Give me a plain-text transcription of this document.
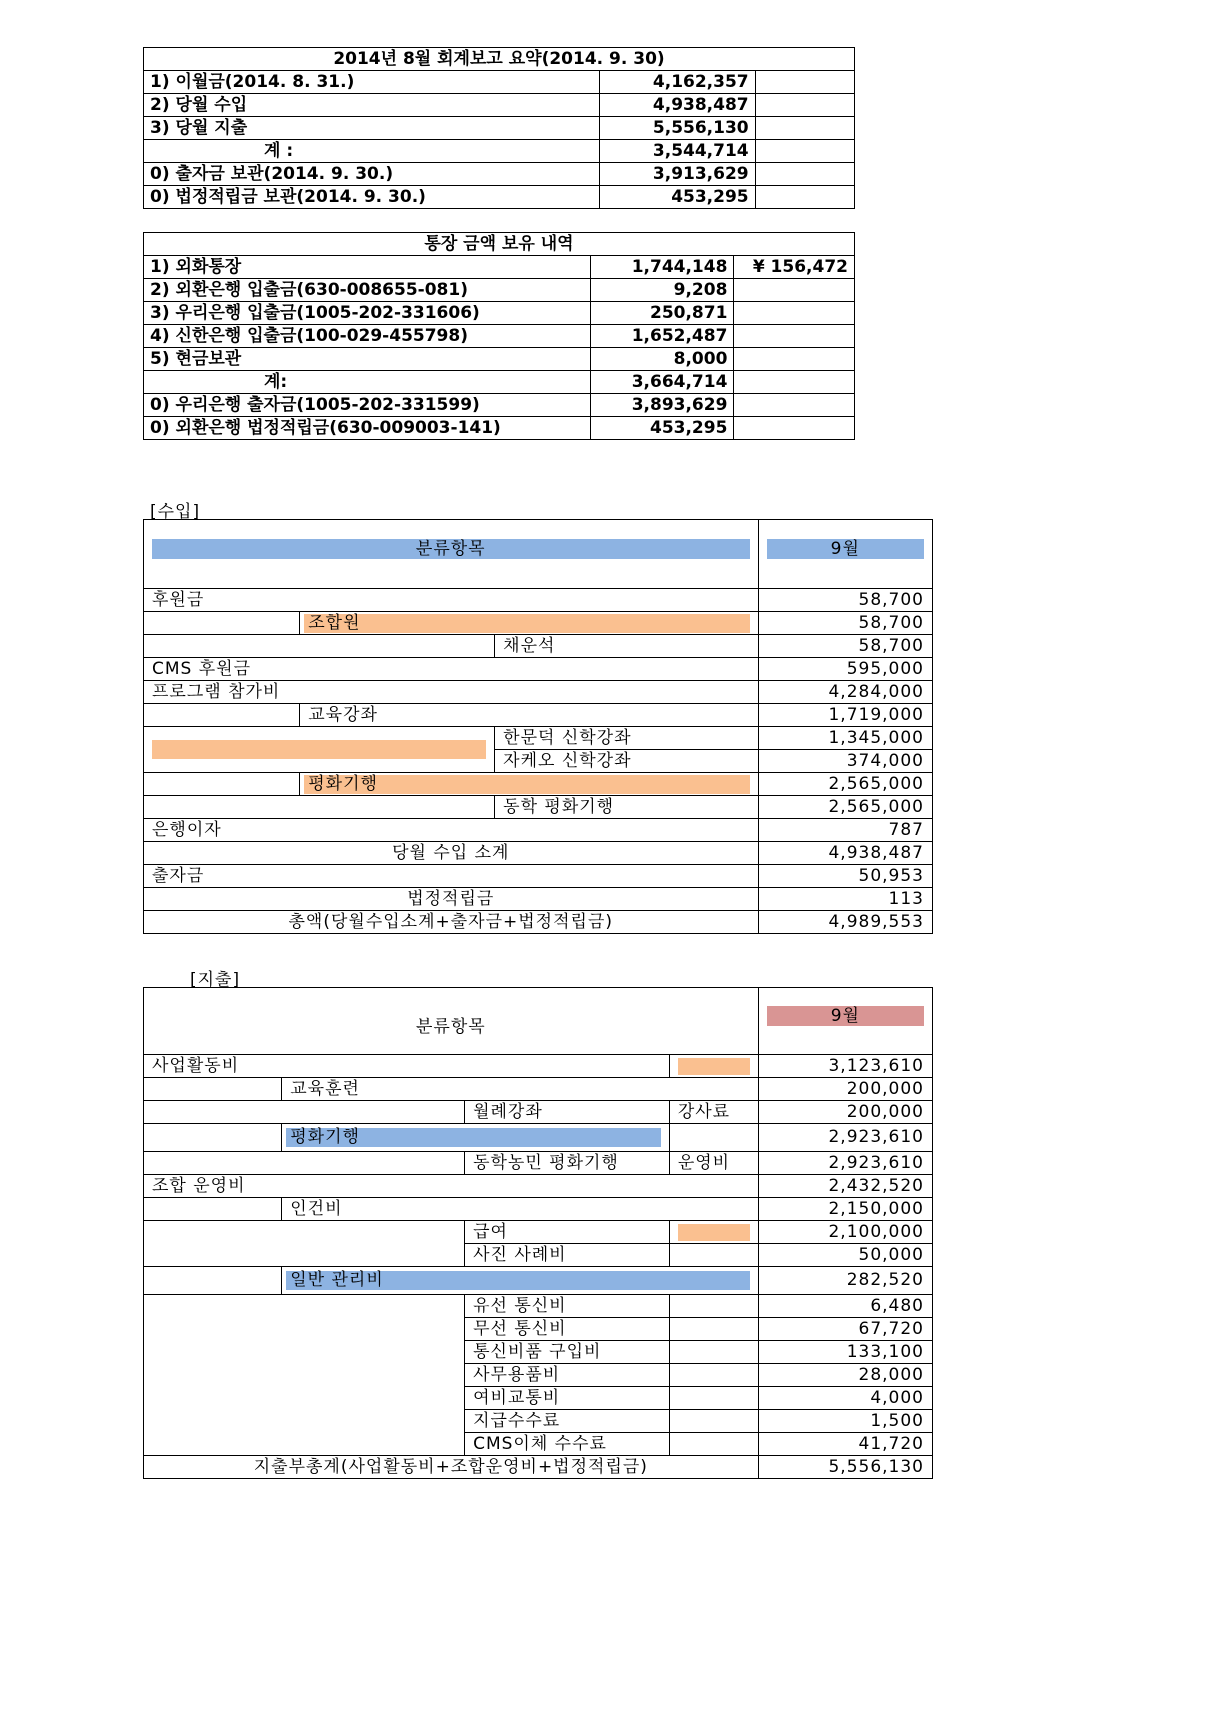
2014년 8월 회계보고 요약(2014. 9. 30)		
1) 이월금(2014. 8. 31.)	4,162,357	
2) 당월 수입	4,938,487	
3) 당월 지출	5,556,130	
계 :	3,544,714	
0) 출자금 보관(2014. 9. 30.)	3,913,629	
0) 법정적립금 보관(2014. 9. 30.)	453,295	
통장 금액 보유 내역		
1) 외화통장	1,744,148	¥ 156,472
2) 외환은행 입출금(630-008655-081)	9,208	
3) 우리은행 입출금(1005-202-331606)	250,871	
4) 신한은행 입출금(100-029-455798)	1,652,487	
5) 현금보관	8,000	
계:	3,664,714	
0) 우리은행 출자금(1005-202-331599)	3,893,629	
0) 외환은행 법정적립금(630-009003-141)	453,295	
[수입]
분류항목			9월

후원금			58,700

	조합원		58,700
		채운석	58,700
CMS 후원금			595,000
프로그램 참가비			4,284,000
	교육강좌		1,719,000

		한문덕 신학강좌	1,345,000
		자케오 신학강좌	374,000

	평화기행		2,565,000
		동학 평화기행	2,565,000
은행이자			787
당월 수입 소계			4,938,487
출자금			50,953
법정적립금			113
총액(당월수입소계+출자금+법정적립금)			4,989,553
[지출]
분류항목				9월

사업활동비				3,123,610
	교육훈련			200,000
		월례강좌	강사료	200,000

	평화기행			2,923,610
		동학농민 평화기행	운영비	2,923,610
조합 운영비				2,432,520
	인건비			2,150,000
		급여		2,100,000
		사진 사례비		50,000

	일반 관리비			282,520
		유선 통신비		6,480
		무선 통신비		67,720
		통신비품 구입비		133,100
		사무용품비		28,000
		여비교통비		4,000
		지급수수료		1,500
		CMS이체 수수료		41,720
지출부총계(사업활동비+조합운영비+법정적립금)				5,556,130
